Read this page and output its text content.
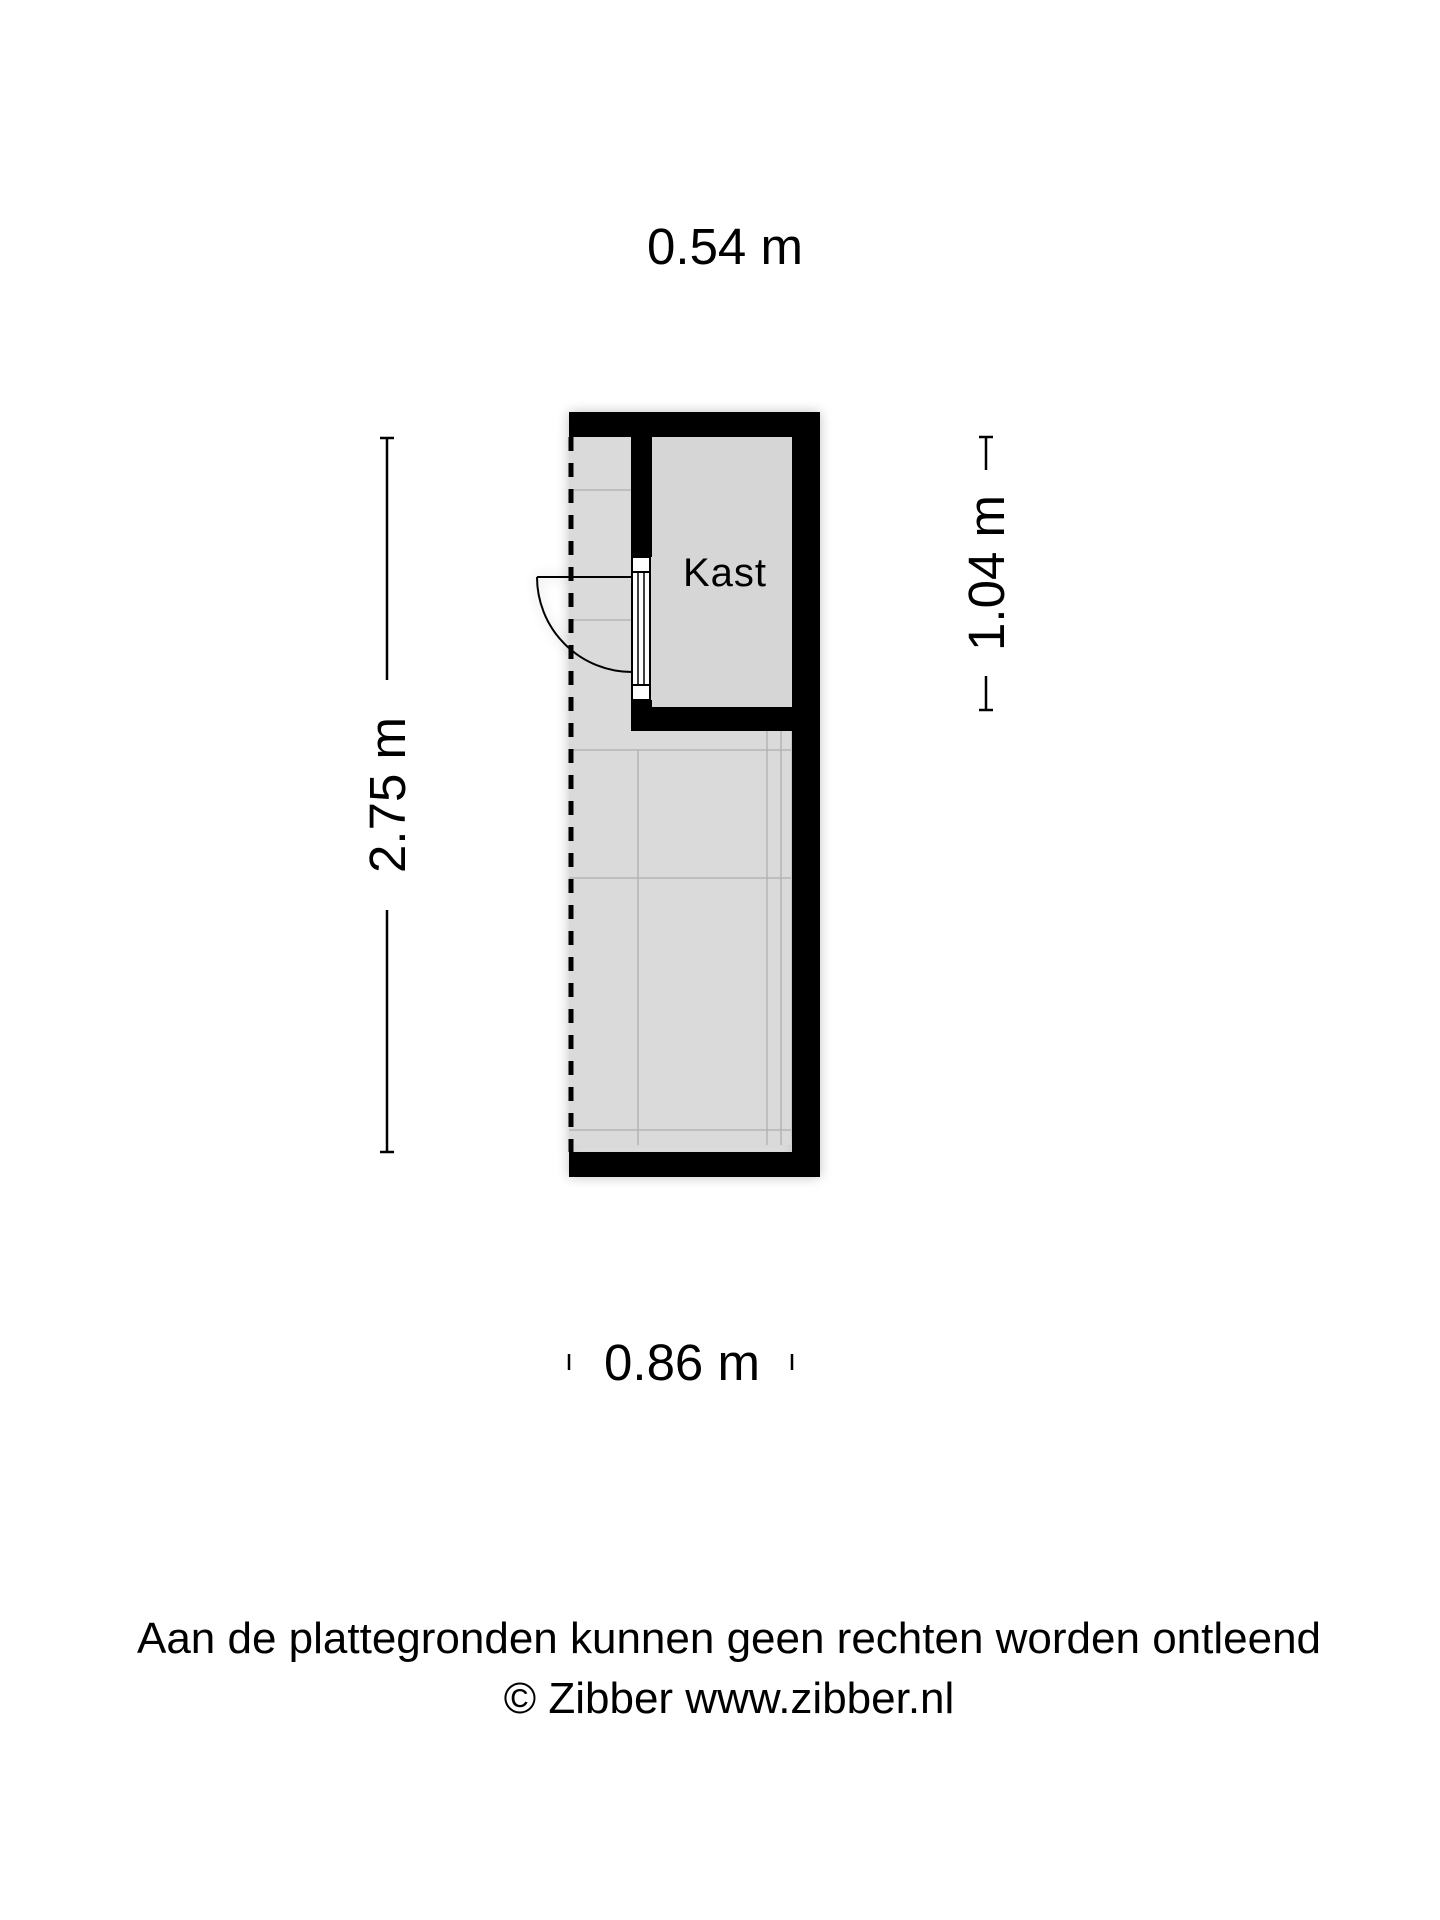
0.54 m
Kast
2.75 m
1.04 m
0.86 m
Aan de plattegronden kunnen geen rechten worden ontleend
© Zibber www.zibber.nl
